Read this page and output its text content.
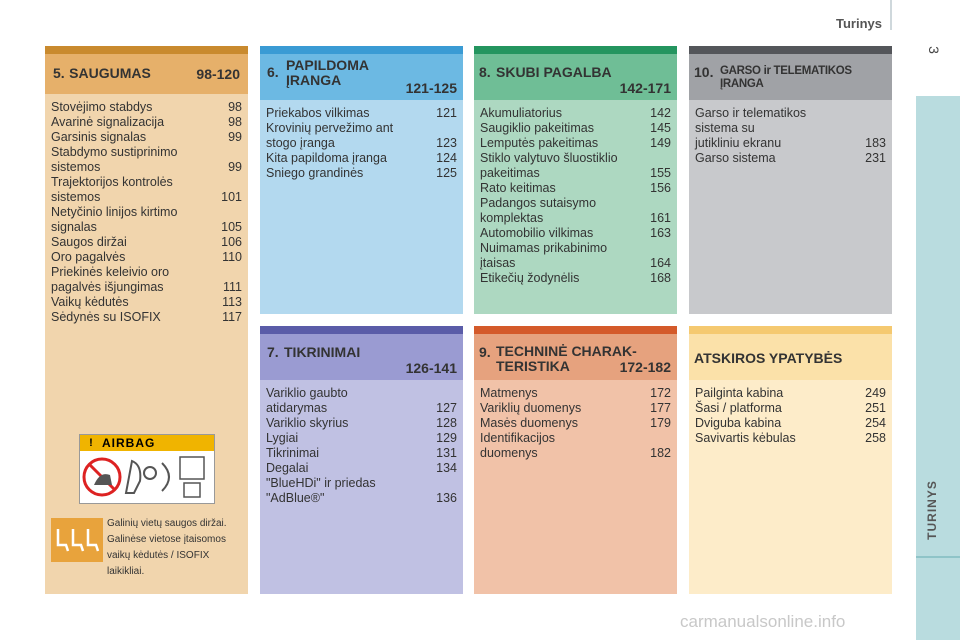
Turinys
3
TURINYS
5. SAUGUMAS	98-120
Stovėjimo stabdys	98
Avarinė signalizacija	98
Garsinis signalas	99
Stabdymo sustiprinimo
sistemos	99
Trajektorijos kontrolės
sistemos	101
Netyčinio linijos kirtimo
signalas	105
Saugos diržai	106
Oro pagalvės	110
Priekinės keleivio oro
pagalvės išjungimas	111
Vaikų kėdutės	113
Sėdynės su ISOFIX	117
6. PAPILDOMA
ĮRANGA	121-125
Priekabos vilkimas	121
Krovinių pervežimo ant
stogo įranga	123
Kita papildoma įranga	124
Sniego grandinės	125
8. SKUBI PAGALBA
142-171
Akumuliatorius	142
Saugiklio pakeitimas	145
Lemputės pakeitimas	149
Stiklo valytuvo šluostiklio
pakeitimas	155
Rato keitimas	156
Padangos sutaisymo
komplektas	161
Automobilio vilkimas	163
Nuimamas prikabinimo
įtaisas	164
Etikečių žodynėlis	168
10. GARSO ir TELEMATIKOS
ĮRANGA
Garso ir telematikos
sistema su
jutikliniu ekranu	183
Garso sistema	231
7. TIKRINIMAI
126-141
Variklio gaubto
atidarymas	127
Variklio skyrius	128
Lygiai	129
Tikrinimai	131
Degalai	134
"BlueHDi" ir priedas
"AdBlue®"	136
9. TECHNINĖ CHARAK-
TERISTIKA	172-182
Matmenys	172
Variklių duomenys	177
Masės duomenys	179
Identifikacijos
duomenys	182
ATSKIROS YPATYBĖS
Pailginta kabina	249
Šasi / platforma	251
Dviguba kabina	254
Savivartis kėbulas	258
! AIRBAG
Galinių vietų saugos diržai.
Galinėse vietose įtaisomos
vaikų kėdutės / ISOFIX laikikliai.
carmanualsonline.info
